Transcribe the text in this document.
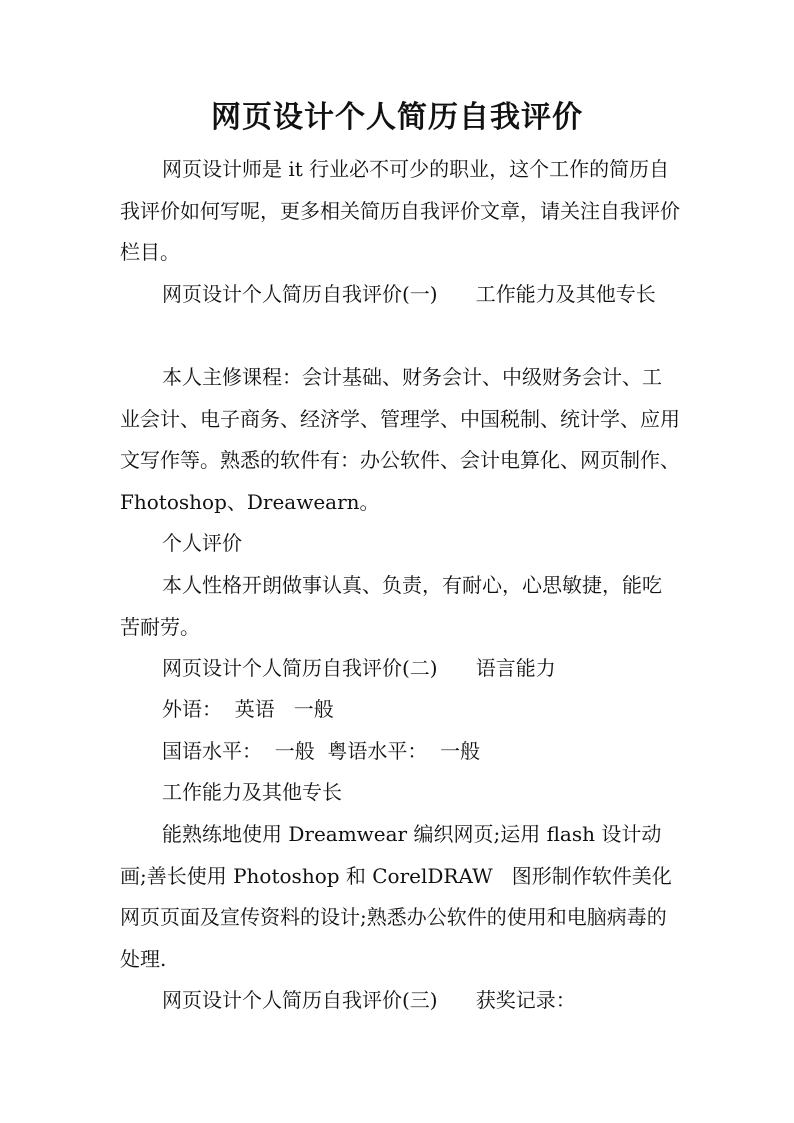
网页设计个人简历自我评价

网页设计师是 it 行业必不可少的职业，这个工作的简历自我评价如何写呢，更多相关简历自我评价文章，请关注自我评价栏目。

网页设计个人简历自我评价(一)      工作能力及其他专长

本人主修课程：会计基础、财务会计、中级财务会计、工业会计、电子商务、经济学、管理学、中国税制、统计学、应用文写作等。熟悉的软件有：办公软件、会计电算化、网页制作、Fhotoshop、Dreawearn。

个人评价

本人性格开朗做事认真、负责，有耐心，心思敏捷，能吃苦耐劳。

网页设计个人简历自我评价(二)      语言能力

外语：  英语   一般

国语水平：  一般  粤语水平：  一般

工作能力及其他专长

能熟练地使用 Dreamwear 编织网页;运用 flash 设计动画;善长使用 Photoshop 和 CorelDRAW   图形制作软件美化网页页面及宣传资料的设计;熟悉办公软件的使用和电脑病毒的处理.

网页设计个人简历自我评价(三)      获奖记录：
